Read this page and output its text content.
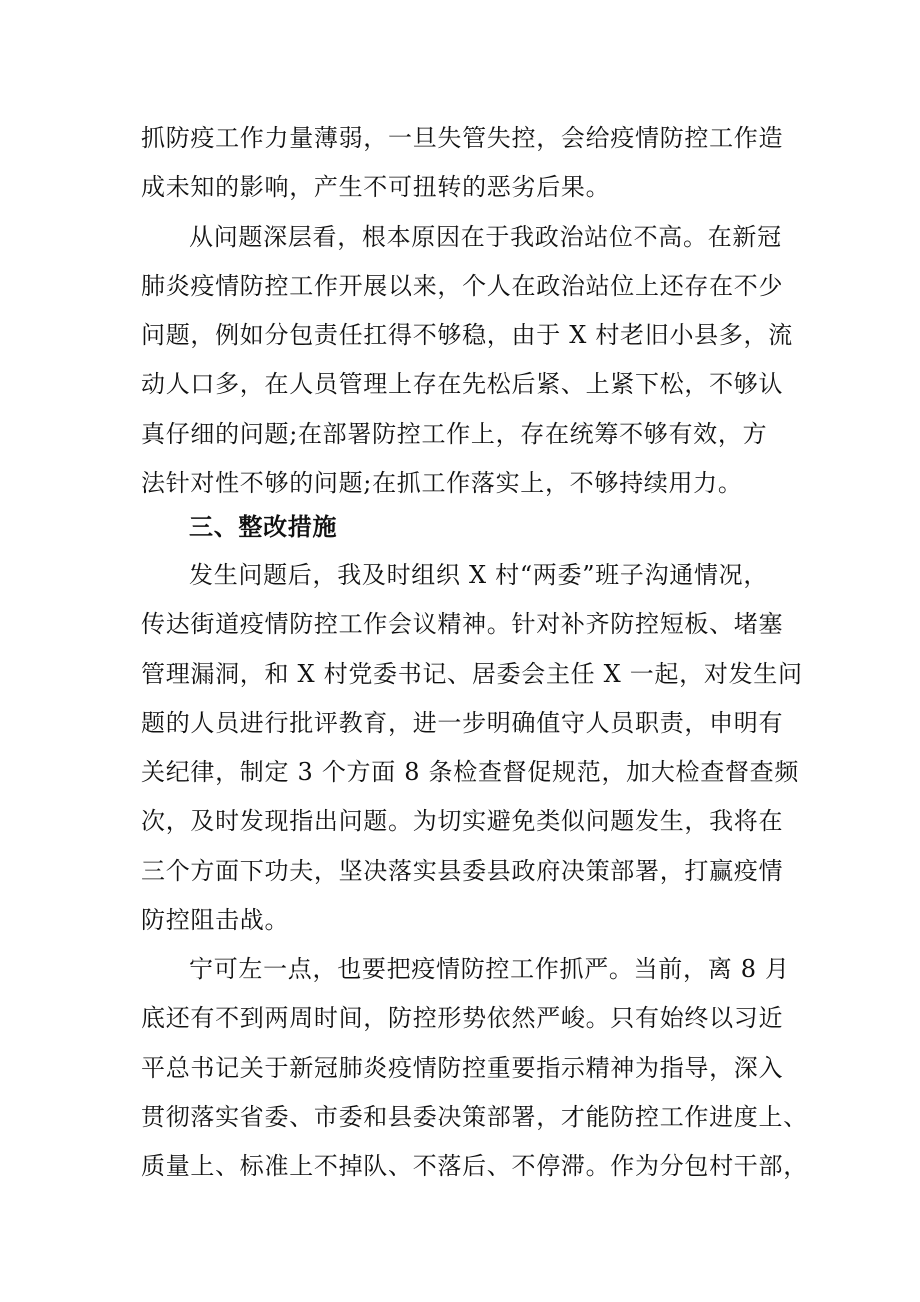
抓防疫工作力量薄弱，一旦失管失控，会给疫情防控工作造
成未知的影响，产生不可扭转的恶劣后果。
从问题深层看，根本原因在于我政治站位不高。在新冠
肺炎疫情防控工作开展以来，个人在政治站位上还存在不少
问题，例如分包责任扛得不够稳，由于 X 村老旧小县多，流
动人口多，在人员管理上存在先松后紧、上紧下松，不够认
真仔细的问题;在部署防控工作上，存在统筹不够有效，方
法针对性不够的问题;在抓工作落实上，不够持续用力。
三、整改措施
发生问题后，我及时组织 X 村“两委”班子沟通情况，
传达街道疫情防控工作会议精神。针对补齐防控短板、堵塞
管理漏洞，和 X 村党委书记、居委会主任 X 一起，对发生问
题的人员进行批评教育，进一步明确值守人员职责，申明有
关纪律，制定 3 个方面 8 条检查督促规范，加大检查督查频
次，及时发现指出问题。为切实避免类似问题发生，我将在
三个方面下功夫，坚决落实县委县政府决策部署，打赢疫情
防控阻击战。
宁可左一点，也要把疫情防控工作抓严。当前，离 8 月
底还有不到两周时间，防控形势依然严峻。只有始终以习近
平总书记关于新冠肺炎疫情防控重要指示精神为指导，深入
贯彻落实省委、市委和县委决策部署，才能防控工作进度上、
质量上、标准上不掉队、不落后、不停滞。作为分包村干部，
